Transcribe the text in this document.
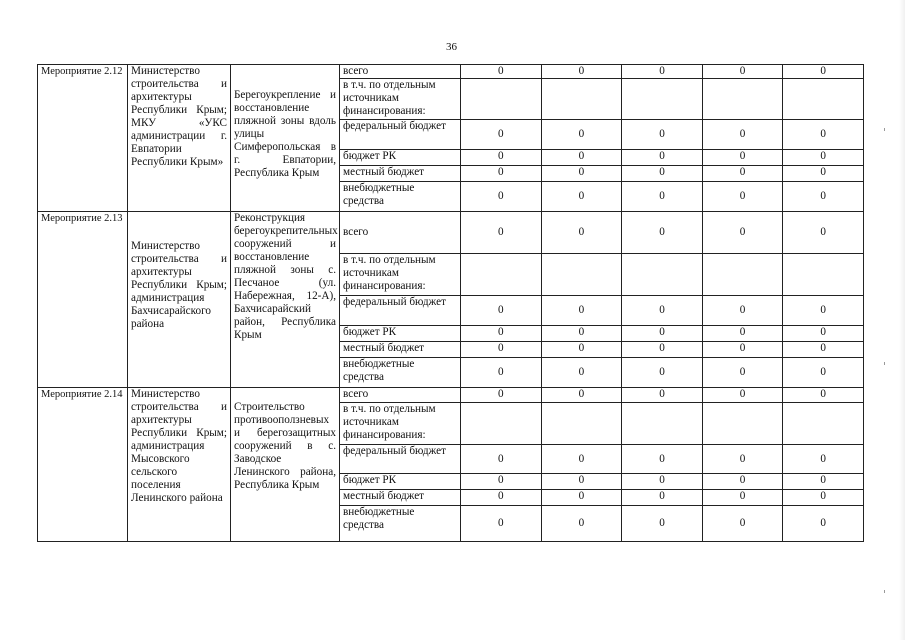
36
Мероприятие 2.12	Министерство строительства и архитектуры Республики Крым; МКУ «УКС администрации г. Евпатории Республики Крым»	Берегоукрепление и восстановление пляжной зоны вдоль улицы Симферопольская в г. Евпатории, Республика Крым	всего	0	0	0	0	0
			в т.ч. по отдельным источникам финансирования:					
			федеральный бюджет	0	0	0	0	0
			бюджет РК	0	0	0	0	0
			местный бюджет	0	0	0	0	0
			внебюджетные средства	0	0	0	0	0
Мероприятие 2.13	Министерство строительства и архитектуры Республики Крым; администрация Бахчисарайского района	Реконструкция берегоукрепительных сооружений и восстановление пляжной зоны с. Песчаное (ул. Набережная, 12-А), Бахчисарайский район, Республика Крым	всего	0	0	0	0	0
			в т.ч. по отдельным источникам финансирования:					
			федеральный бюджет	0	0	0	0	0
			бюджет РК	0	0	0	0	0
			местный бюджет	0	0	0	0	0
			внебюджетные средства	0	0	0	0	0
Мероприятие 2.14	Министерство строительства и архитектуры Республики Крым; администрация Мысовского сельского поселения Ленинского района	Строительство противооползневых и берегозащитных сооружений в с. Заводское Ленинского района, Республика Крым	всего	0	0	0	0	0
			в т.ч. по отдельным источникам финансирования:					
			федеральный бюджет	0	0	0	0	0
			бюджет РК	0	0	0	0	0
			местный бюджет	0	0	0	0	0
			внебюджетные средства	0	0	0	0	0
